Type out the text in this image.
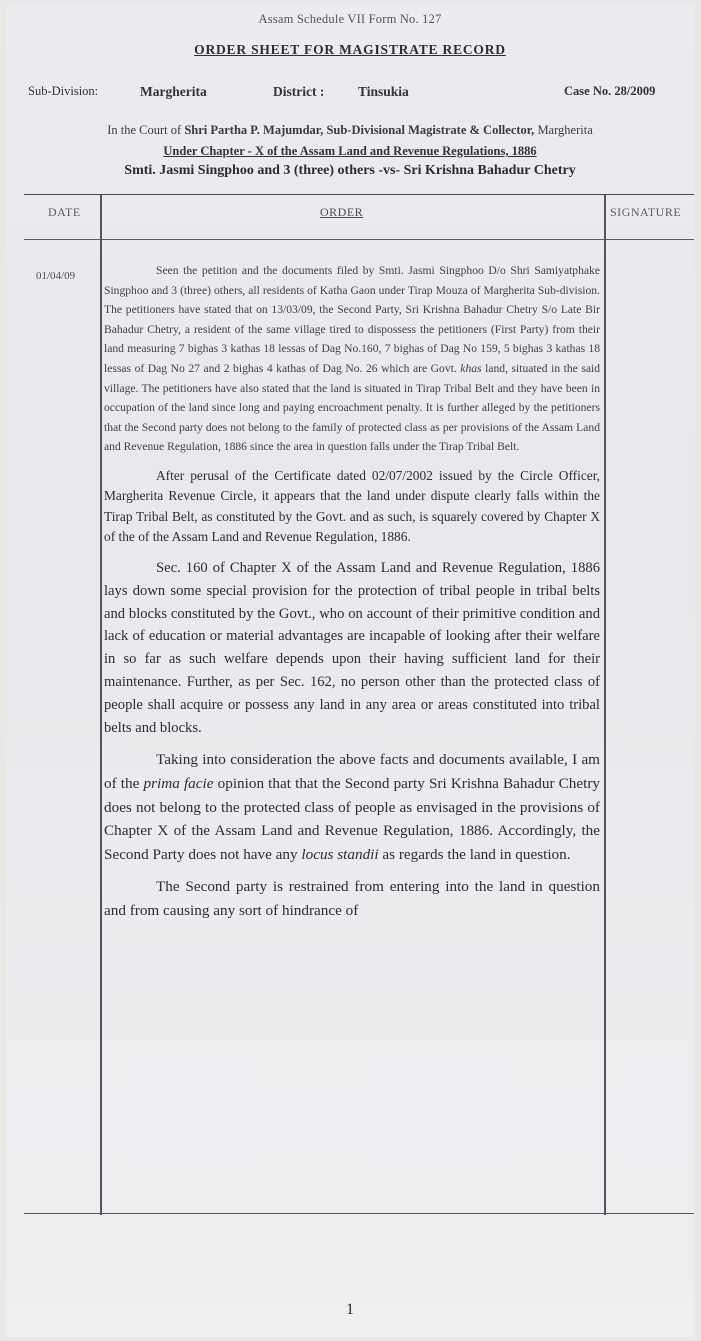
Assam Schedule VII Form No. 127
ORDER SHEET FOR MAGISTRATE RECORD
Sub-Division:	Margherita	District : Tinsukia	Case No. 28/2009
In the Court of Shri Partha P. Majumdar, Sub-Divisional Magistrate & Collector, Margherita
Under Chapter - X of the Assam Land and Revenue Regulations, 1886
Smti. Jasmi Singphoo and 3 (three) others -vs- Sri Krishna Bahadur Chetry
DATE	ORDER	SIGNATURE
01/04/09	Seen the petition and the documents filed by Smti. Jasmi Singphoo D/o Shri Samiyatphake Singphoo and 3 (three) others, all residents of Katha Gaon under Tirap Mouza of Margherita Sub-division. The petitioners have stated that on 13/03/09, the Second Party, Sri Krishna Bahadur Chetry S/o Late Bir Bahadur Chetry, a resident of the same village tired to dispossess the petitioners (First Party) from their land measuring 7 bighas 3 kathas 18 lessas of Dag No.160, 7 bighas of Dag No 159, 5 bighas 3 kathas 18 lessas of Dag No 27 and 2 bighas 4 kathas of Dag No. 26 which are Govt. khas land, situated in the said village. The petitioners have also stated that the land is situated in Tirap Tribal Belt and they have been in occupation of the land since long and paying encroachment penalty. It is further alleged by the petitioners that the Second party does not belong to the family of protected class as per provisions of the Assam Land and Revenue Regulation, 1886 since the area in question falls under the Tirap Tribal Belt.

After perusal of the Certificate dated 02/07/2002 issued by the Circle Officer, Margherita Revenue Circle, it appears that the land under dispute clearly falls within the Tirap Tribal Belt, as constituted by the Govt. and as such, is squarely covered by Chapter X of the of the Assam Land and Revenue Regulation, 1886.

Sec. 160 of Chapter X of the Assam Land and Revenue Regulation, 1886 lays down some special provision for the protection of tribal people in tribal belts and blocks constituted by the Govt., who on account of their primitive condition and lack of education or material advantages are incapable of looking after their welfare in so far as such welfare depends upon their having sufficient land for their maintenance. Further, as per Sec. 162, no person other than the protected class of people shall acquire or possess any land in any area or areas constituted into tribal belts and blocks.

Taking into consideration the above facts and documents available, I am of the prima facie opinion that that the Second party Sri Krishna Bahadur Chetry does not belong to the protected class of people as envisaged in the provisions of Chapter X of the Assam Land and Revenue Regulation, 1886. Accordingly, the Second Party does not have any locus standii as regards the land in question.

The Second party is restrained from entering into the land in question and from causing any sort of hindrance of

1
